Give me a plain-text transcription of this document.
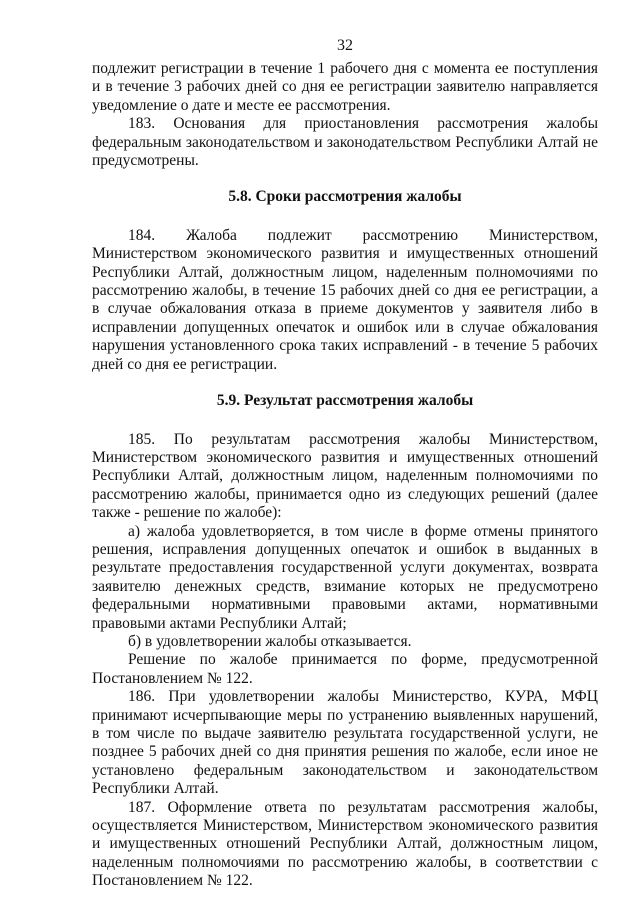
32

подлежит регистрации в течение 1 рабочего дня с момента ее поступления и в течение 3 рабочих дней со дня ее регистрации заявителю направляется уведомление о дате и месте ее рассмотрения.

183. Основания для приостановления рассмотрения жалобы федеральным законодательством и законодательством Республики Алтай не предусмотрены.

5.8. Сроки рассмотрения жалобы

184. Жалоба подлежит рассмотрению Министерством, Министерством экономического развития и имущественных отношений Республики Алтай, должностным лицом, наделенным полномочиями по рассмотрению жалобы, в течение 15 рабочих дней со дня ее регистрации, а в случае обжалования отказа в приеме документов у заявителя либо в исправлении допущенных опечаток и ошибок или в случае обжалования нарушения установленного срока таких исправлений - в течение 5 рабочих дней со дня ее регистрации.

5.9. Результат рассмотрения жалобы

185. По результатам рассмотрения жалобы Министерством, Министерством экономического развития и имущественных отношений Республики Алтай, должностным лицом, наделенным полномочиями по рассмотрению жалобы, принимается одно из следующих решений (далее также - решение по жалобе):

а) жалоба удовлетворяется, в том числе в форме отмены принятого решения, исправления допущенных опечаток и ошибок в выданных в результате предоставления государственной услуги документах, возврата заявителю денежных средств, взимание которых не предусмотрено федеральными нормативными правовыми актами, нормативными правовыми актами Республики Алтай;

б) в удовлетворении жалобы отказывается.

Решение по жалобе принимается по форме, предусмотренной Постановлением № 122.

186. При удовлетворении жалобы Министерство, КУРА, МФЦ принимают исчерпывающие меры по устранению выявленных нарушений, в том числе по выдаче заявителю результата государственной услуги, не позднее 5 рабочих дней со дня принятия решения по жалобе, если иное не установлено федеральным законодательством и законодательством Республики Алтай.

187. Оформление ответа по результатам рассмотрения жалобы, осуществляется Министерством, Министерством экономического развития и имущественных отношений Республики Алтай, должностным лицом, наделенным полномочиями по рассмотрению жалобы, в соответствии с Постановлением № 122.
